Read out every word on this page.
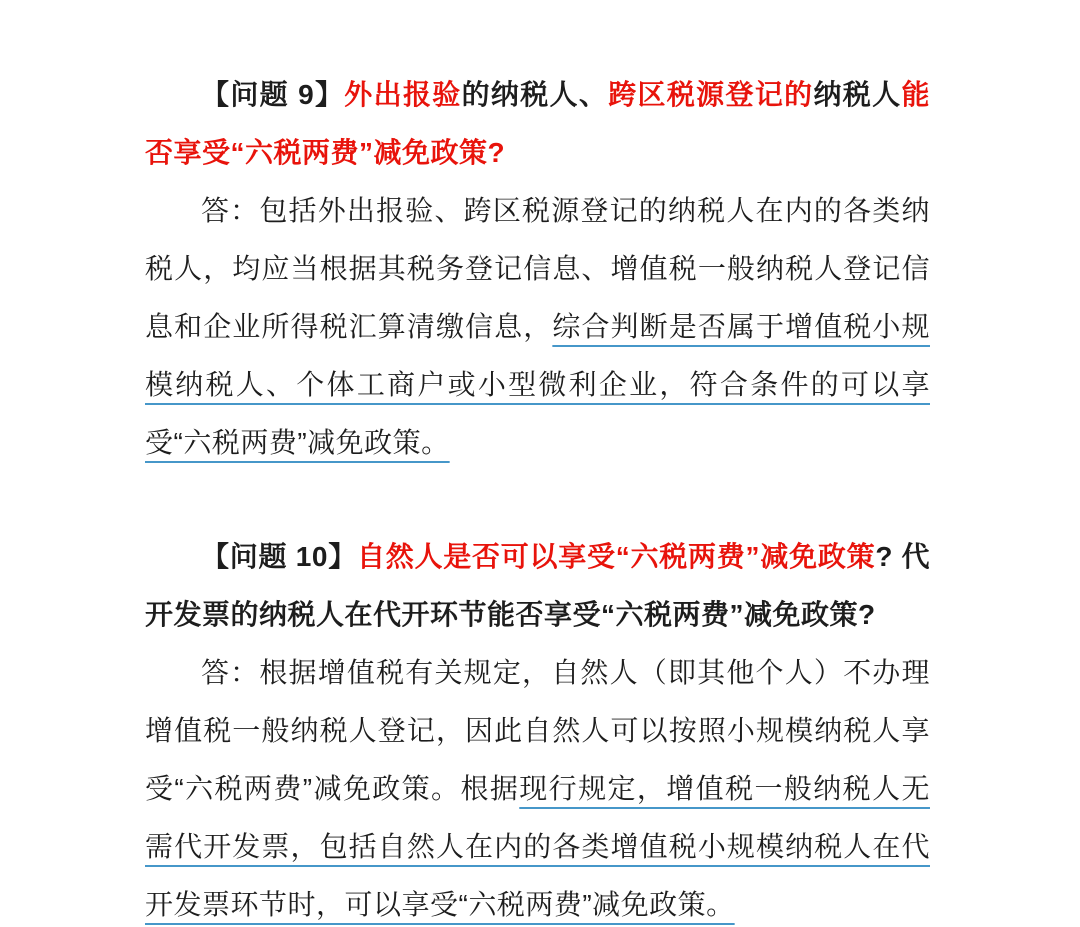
【问题 9】外出报验的纳税人、跨区税源登记的纳税人能否享受“六税两费”减免政策?

答：包括外出报验、跨区税源登记的纳税人在内的各类纳税人，均应当根据其税务登记信息、增值税一般纳税人登记信息和企业所得税汇算清缴信息，综合判断是否属于增值税小规模纳税人、个体工商户或小型微利企业，符合条件的可以享受“六税两费”减免政策。

【问题 10】自然人是否可以享受“六税两费”减免政策? 代开发票的纳税人在代开环节能否享受“六税两费”减免政策?

答：根据增值税有关规定，自然人（即其他个人）不办理增值税一般纳税人登记，因此自然人可以按照小规模纳税人享受“六税两费”减免政策。根据现行规定，增值税一般纳税人无需代开发票，包括自然人在内的各类增值税小规模纳税人在代开发票环节时，可以享受“六税两费”减免政策。
